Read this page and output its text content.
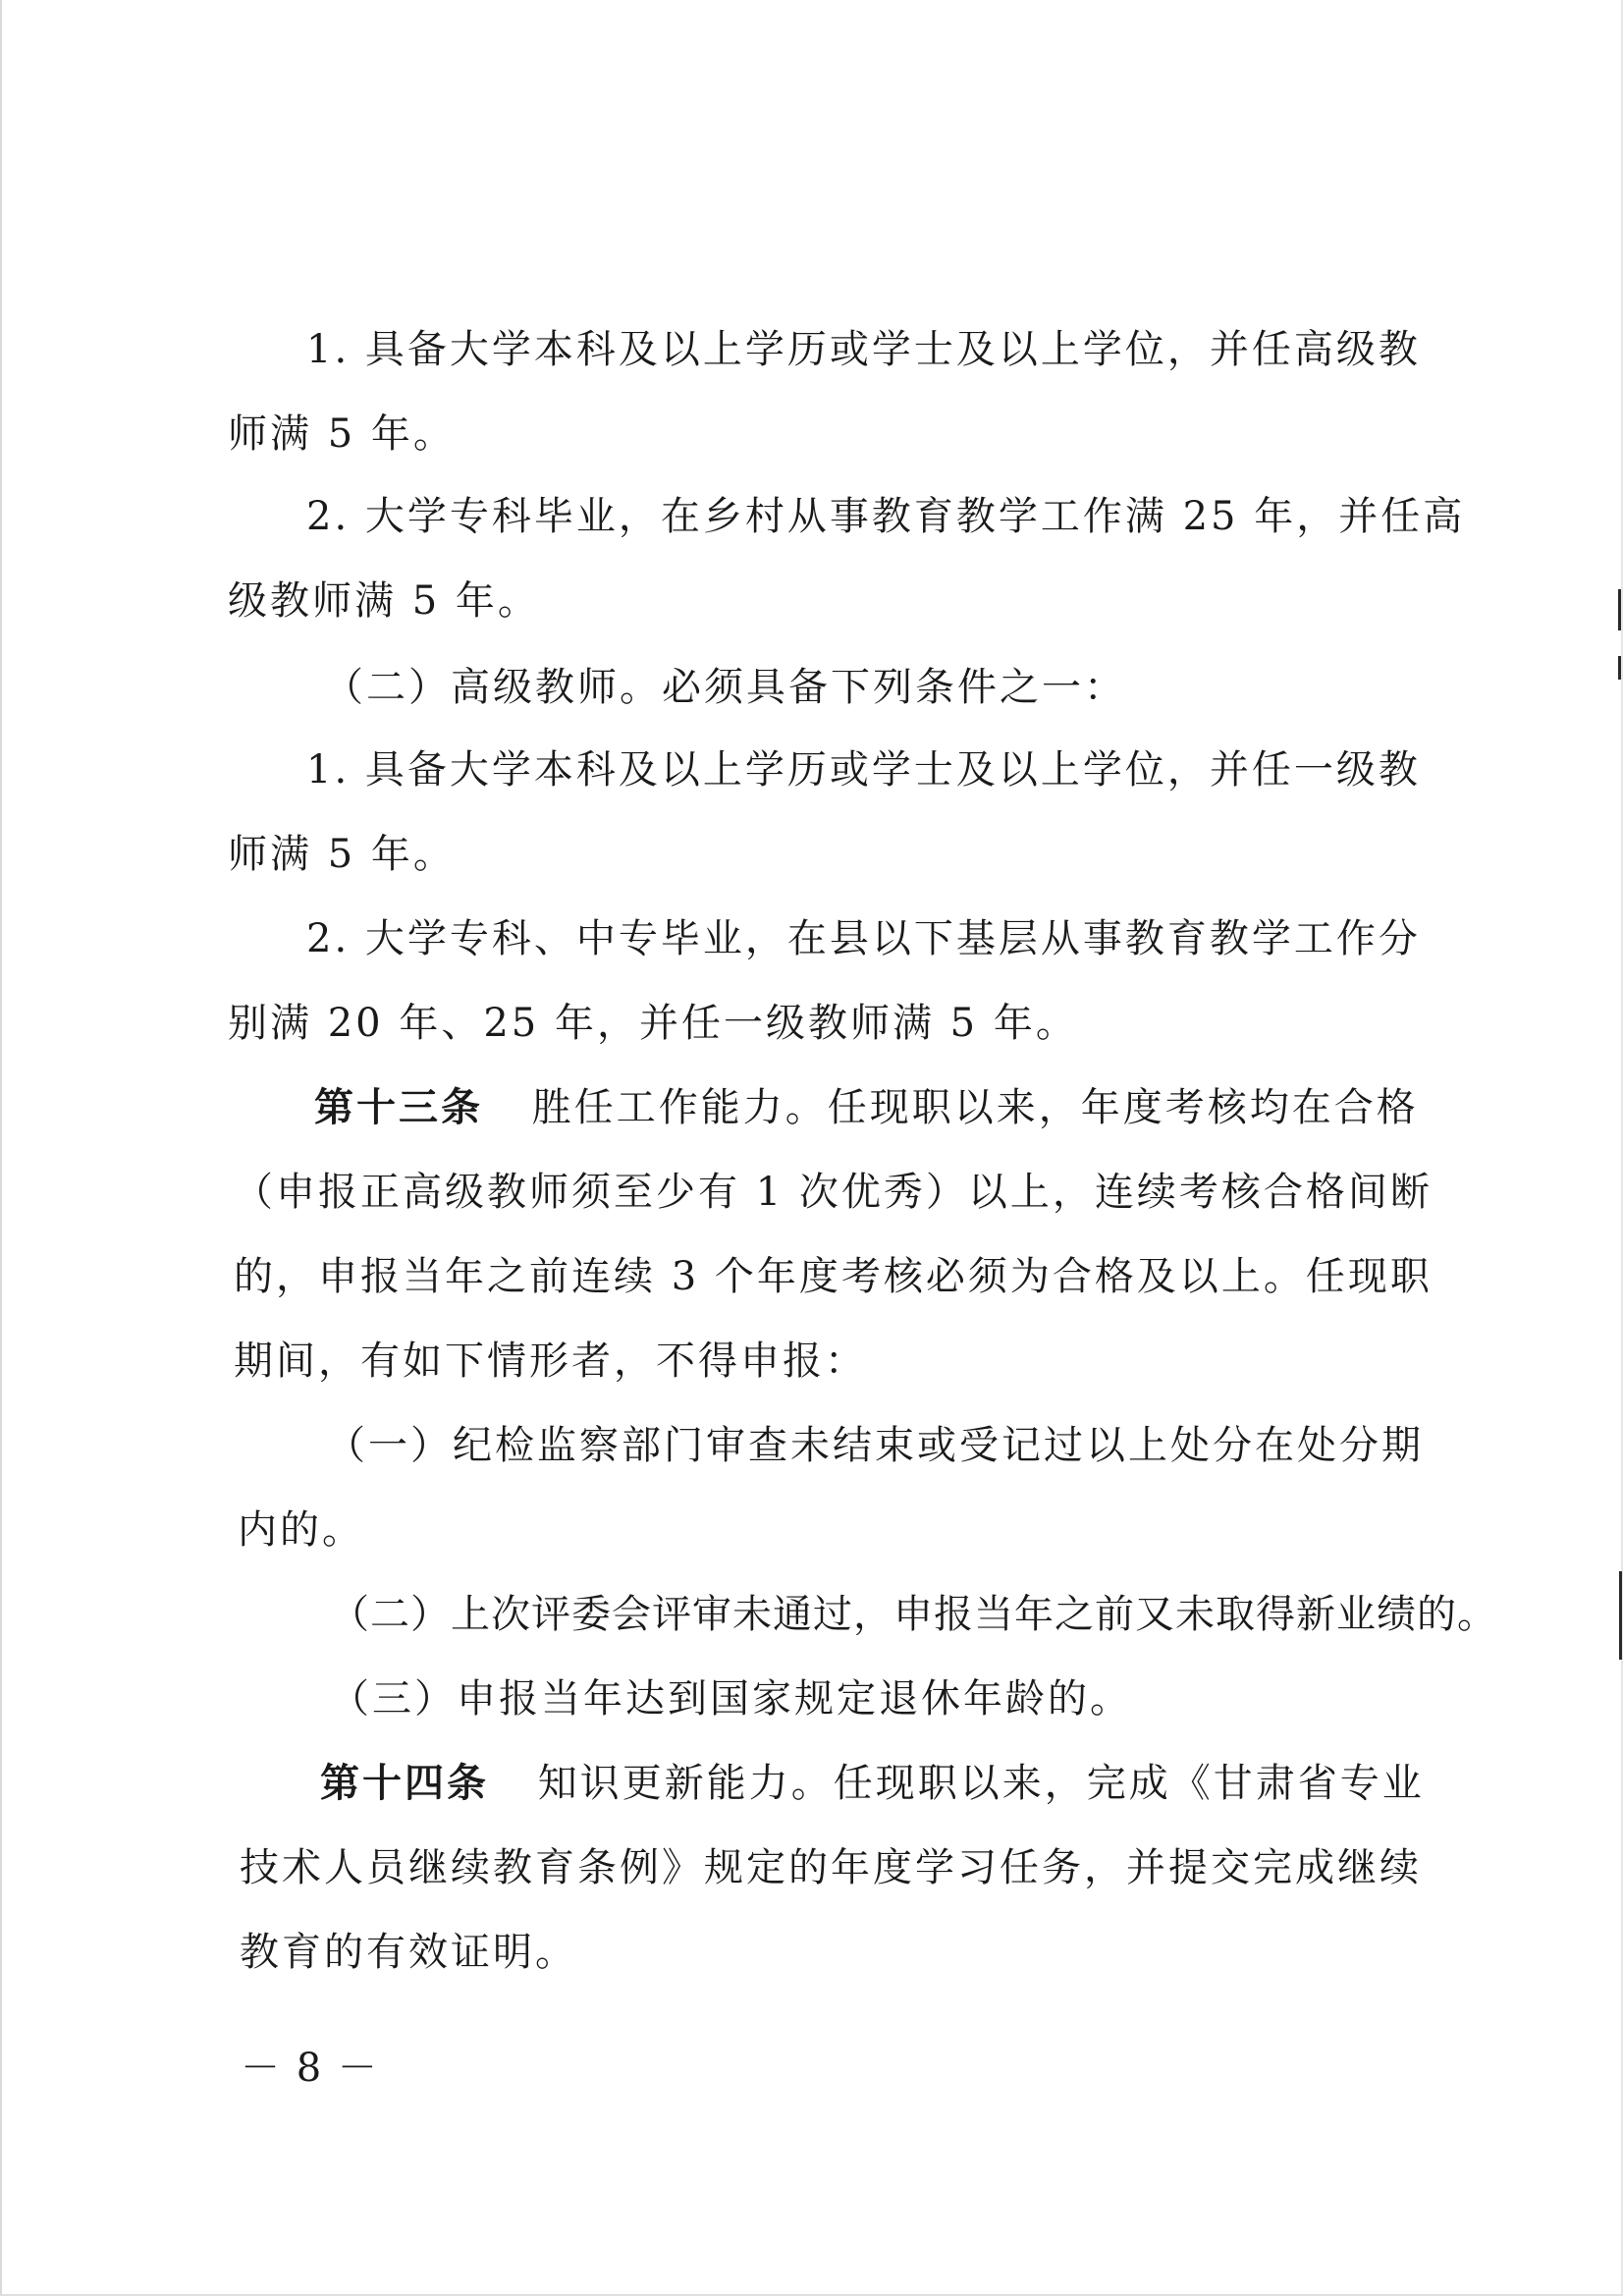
1. 具备大学本科及以上学历或学士及以上学位，并任高级教

师满 5 年。

2. 大学专科毕业，在乡村从事教育教学工作满 25 年，并任高

级教师满 5 年。

（二）高级教师。必须具备下列条件之一：

1. 具备大学本科及以上学历或学士及以上学位，并任一级教

师满 5 年。

2. 大学专科、中专毕业，在县以下基层从事教育教学工作分

别满 20 年、25 年，并任一级教师满 5 年。

第十三条 胜任工作能力。任现职以来，年度考核均在合格

（申报正高级教师须至少有 1 次优秀）以上，连续考核合格间断

的，申报当年之前连续 3 个年度考核必须为合格及以上。任现职

期间，有如下情形者，不得申报：

（一）纪检监察部门审查未结束或受记过以上处分在处分期

内的。

（二）上次评委会评审未通过，申报当年之前又未取得新业绩的。

（三）申报当年达到国家规定退休年龄的。

第十四条 知识更新能力。任现职以来，完成《甘肃省专业

技术人员继续教育条例》规定的年度学习任务，并提交完成继续

教育的有效证明。

－ 8 －
